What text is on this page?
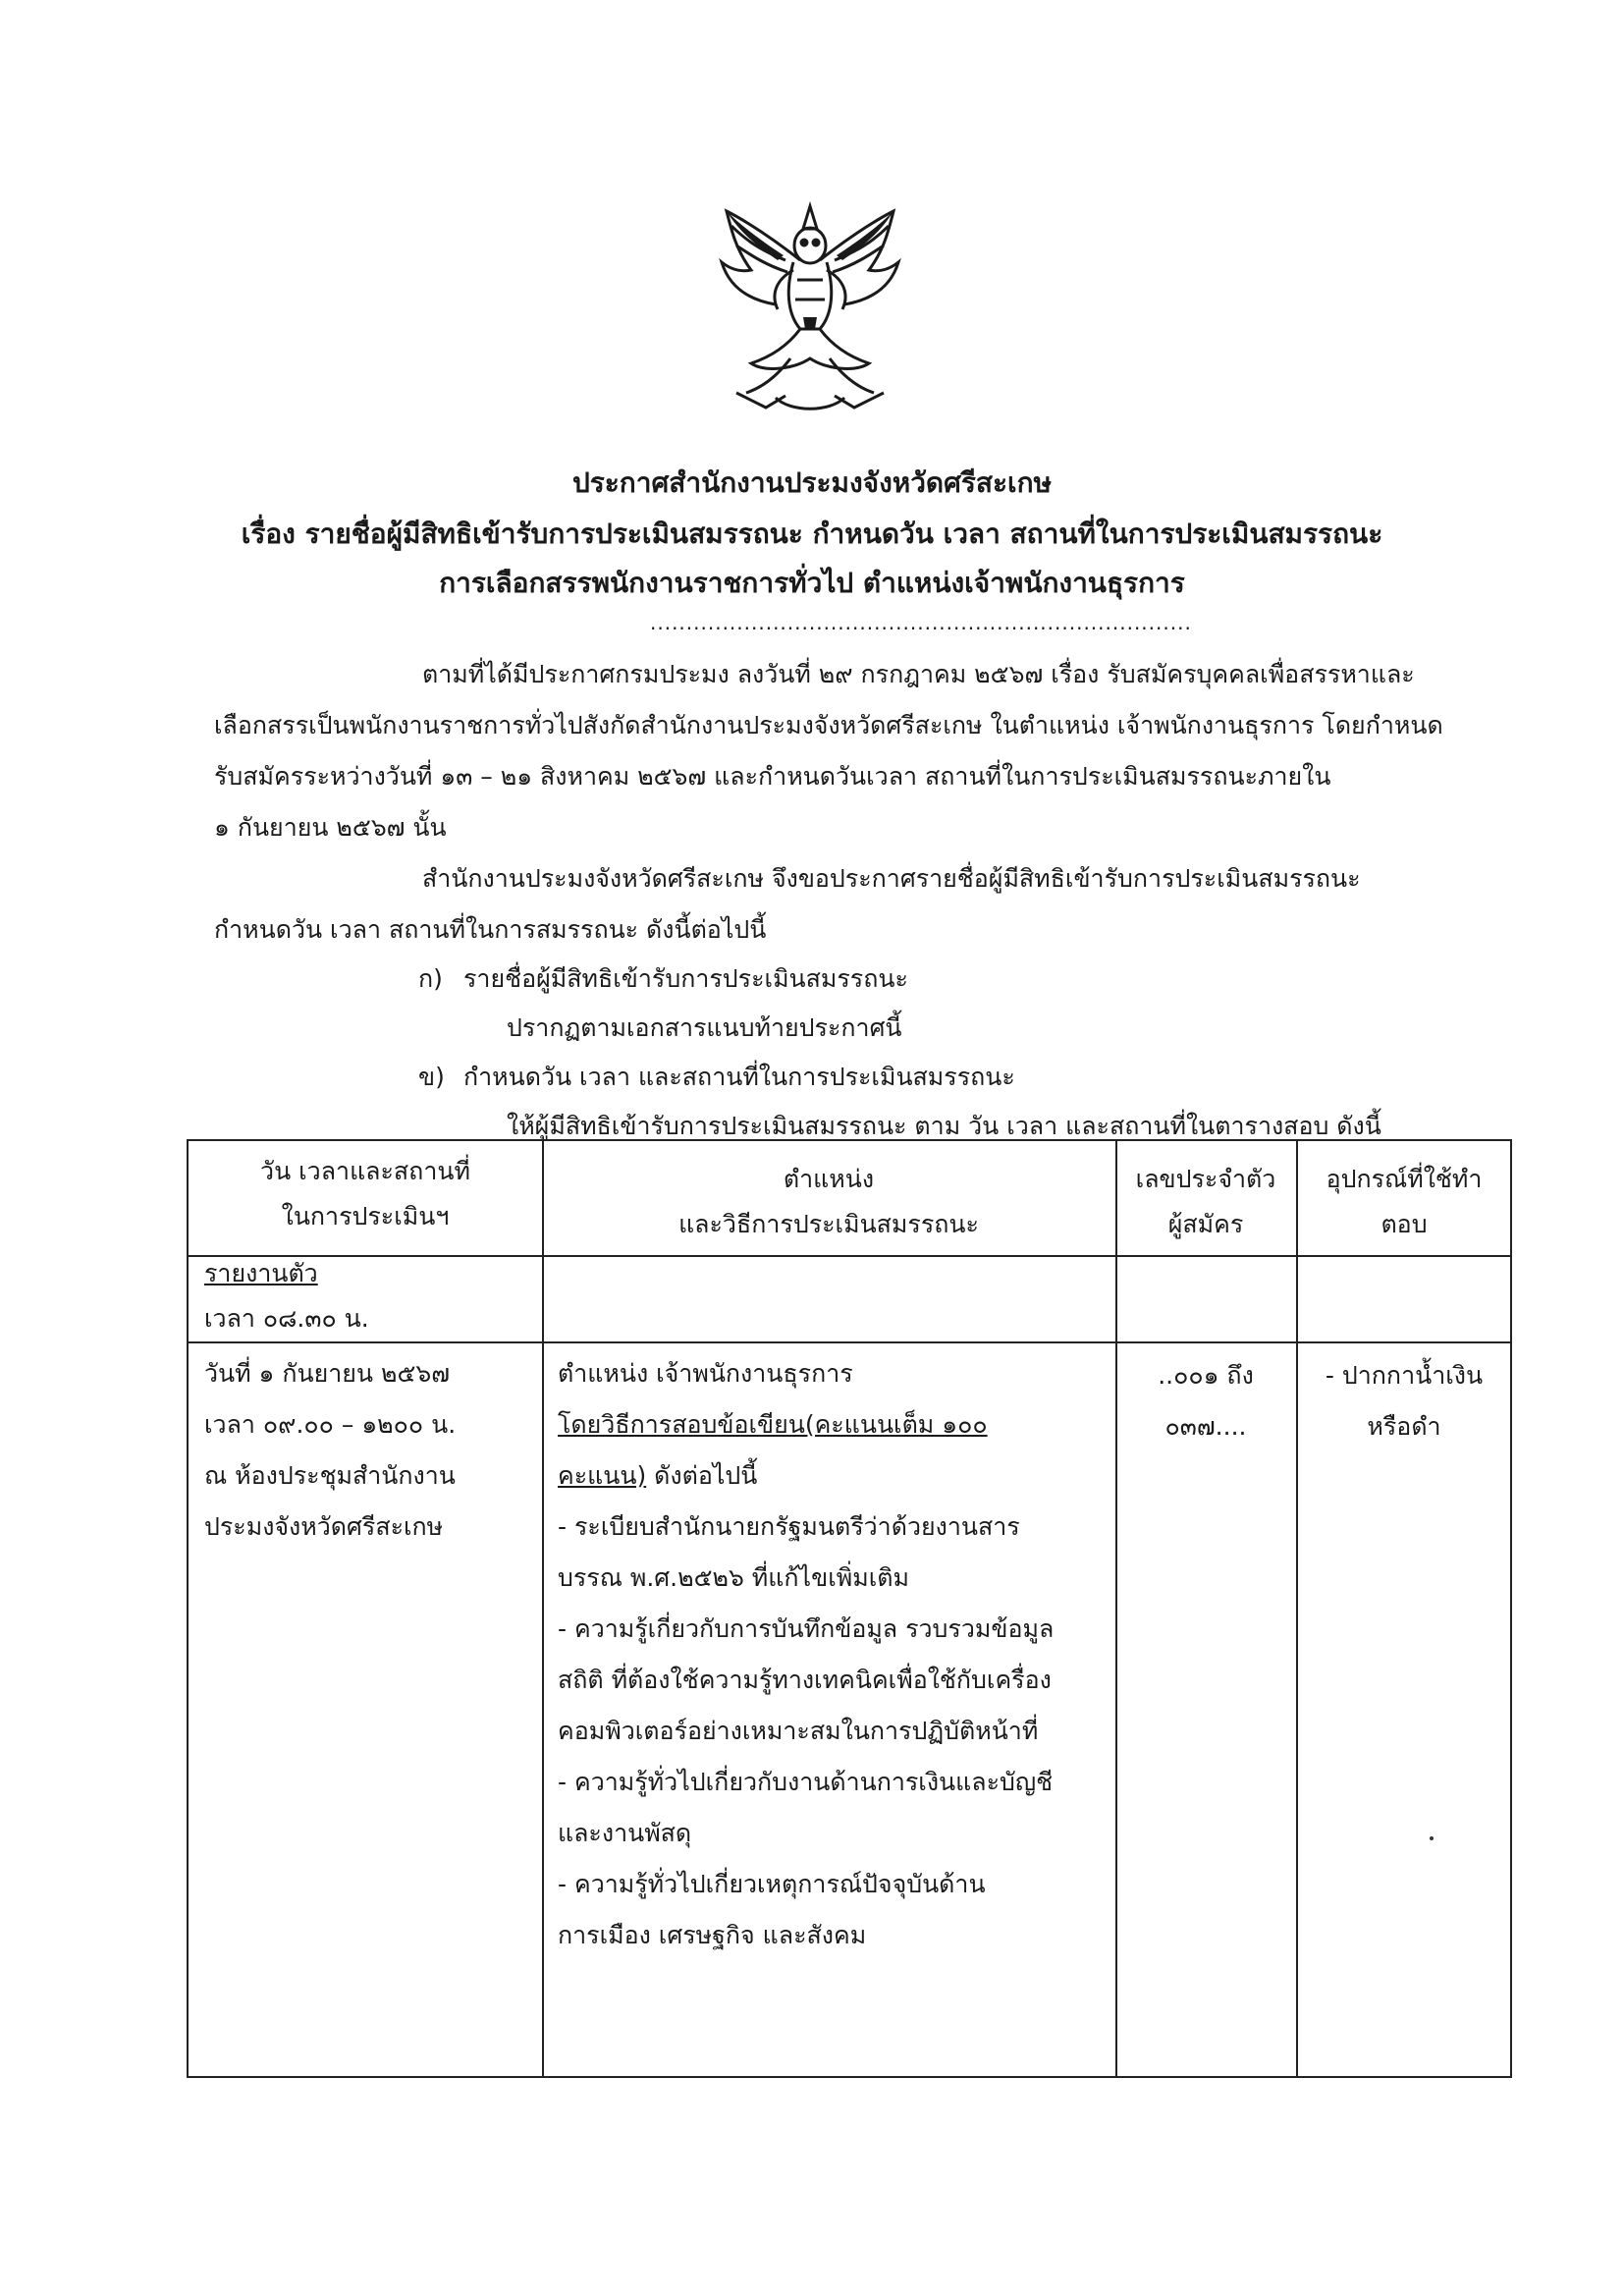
ประกาศสำนักงานประมงจังหวัดศรีสะเกษ
เรื่อง รายชื่อผู้มีสิทธิเข้ารับการประเมินสมรรถนะ กำหนดวัน เวลา สถานที่ในการประเมินสมรรถนะ
การเลือกสรรพนักงานราชการทั่วไป ตำแหน่งเจ้าพนักงานธุรการ
...........................................................................
ตามที่ได้มีประกาศกรมประมง ลงวันที่ ๒๙ กรกฎาคม ๒๕๖๗ เรื่อง รับสมัครบุคคลเพื่อสรรหาและ
เลือกสรรเป็นพนักงานราชการทั่วไปสังกัดสำนักงานประมงจังหวัดศรีสะเกษ ในตำแหน่ง เจ้าพนักงานธุรการ โดยกำหนด
รับสมัครระหว่างวันที่ ๑๓ – ๒๑ สิงหาคม ๒๕๖๗ และกำหนดวันเวลา สถานที่ในการประเมินสมรรถนะภายใน
๑ กันยายน ๒๕๖๗ นั้น
สำนักงานประมงจังหวัดศรีสะเกษ จึงขอประกาศรายชื่อผู้มีสิทธิเข้ารับการประเมินสมรรถนะ
กำหนดวัน เวลา สถานที่ในการสมรรถนะ ดังนี้ต่อไปนี้
ก) รายชื่อผู้มีสิทธิเข้ารับการประเมินสมรรถนะ
ปรากฏตามเอกสารแนบท้ายประกาศนี้
ข) กำหนดวัน เวลา และสถานที่ในการประเมินสมรรถนะ
ให้ผู้มีสิทธิเข้ารับการประเมินสมรรถนะ ตาม วัน เวลา และสถานที่ในตารางสอบ ดังนี้
วัน เวลาและสถานที่
ในการประเมินฯ
ตำแหน่ง
และวิธีการประเมินสมรรถนะ
เลขประจำตัว
ผู้สมัคร
อุปกรณ์ที่ใช้ทำ
ตอบ
รายงานตัว
เวลา ๐๘.๓๐ น.
วันที่ ๑ กันยายน ๒๕๖๗
เวลา ๐๙.๐๐ – ๑๒๐๐ น.
ณ ห้องประชุมสำนักงาน
ประมงจังหวัดศรีสะเกษ
ตำแหน่ง เจ้าพนักงานธุรการ
โดยวิธีการสอบข้อเขียน(คะแนนเต็ม ๑๐๐
คะแนน) ดังต่อไปนี้
- ระเบียบสำนักนายกรัฐมนตรีว่าด้วยงานสาร
บรรณ พ.ศ.๒๕๒๖ ที่แก้ไขเพิ่มเติม
- ความรู้เกี่ยวกับการบันทึกข้อมูล รวบรวมข้อมูล
สถิติ ที่ต้องใช้ความรู้ทางเทคนิคเพื่อใช้กับเครื่อง
คอมพิวเตอร์อย่างเหมาะสมในการปฏิบัติหน้าที่
- ความรู้ทั่วไปเกี่ยวกับงานด้านการเงินและบัญชี
และงานพัสดุ
- ความรู้ทั่วไปเกี่ยวเหตุการณ์ปัจจุบันด้าน
การเมือง เศรษฐกิจ และสังคม
..๐๐๑ ถึง
๐๓๗....
- ปากกาน้ำเงิน
หรือดำ
